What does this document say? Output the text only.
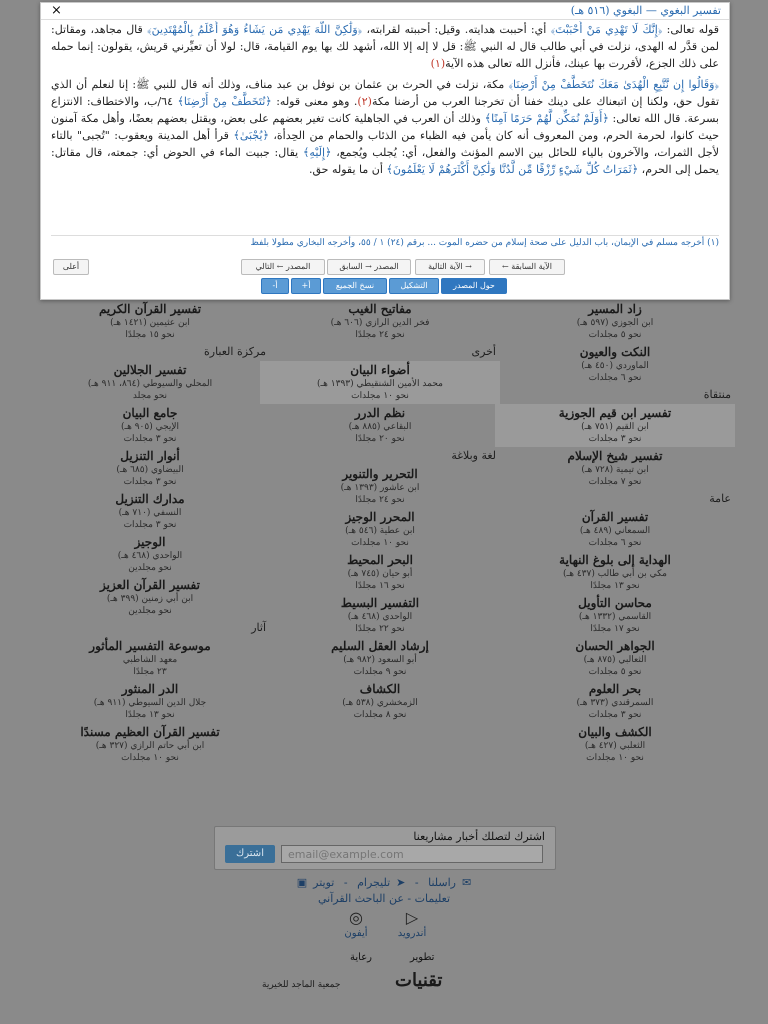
زاد المسير
ابن الجوزي (٥٩٧ هـ)
نحو ٥ مجلدات
النكت والعيون
الماوردي (٤٥٠ هـ)
نحو ٦ مجلدات
منتقاة
تفسير ابن قيم الجوزية
ابن القيم (٧٥١ هـ)
نحو ٣ مجلدات
تفسير شيخ الإسلام
ابن تيمية (٧٢٨ هـ)
نحو ٧ مجلدات
عامة
تفسير القرآن
السمعاني (٤٨٩ هـ)
نحو ٦ مجلدات
الهداية إلى بلوغ النهاية
مكي بن أبي طالب (٤٣٧ هـ)
نحو ١٣ مجلدًا
محاسن التأويل
القاسمي (١٣٣٢ هـ)
نحو ١٧ مجلدًا
الجواهر الحسان
الثعالبي (٨٧٥ هـ)
نحو ٥ مجلدات
بحر العلوم
السمرقندي (٣٧٣ هـ)
نحو ٣ مجلدات
الكشف والبيان
الثعلبي (٤٢٧ هـ)
نحو ١٠ مجلدات
مفاتيح الغيب
فخر الدين الرازي (٦٠٦ هـ)
نحو ٢٤ مجلدًا
أخرى
أضواء البيان
محمد الأمين الشنقيطي (١٣٩٣ هـ)
نحو ١٠ مجلدات
نظم الدرر
البقاعي (٨٨٥ هـ)
نحو ٢٠ مجلدًا
لغة وبلاغة
التحرير والتنوير
ابن عاشور (١٣٩٣ هـ)
نحو ٢٤ مجلدًا
المحرر الوجيز
ابن عطية (٥٤٦ هـ)
نحو ١٠ مجلدات
البحر المحيط
أبو حيان (٧٤٥ هـ)
نحو ١٦ مجلدًا
التفسير البسيط
الواحدي (٤٦٨ هـ)
نحو ٢٢ مجلدًا
إرشاد العقل السليم
أبو السعود (٩٨٢ هـ)
نحو ٩ مجلدات
الكشاف
الزمخشري (٥٣٨ هـ)
نحو ٨ مجلدات
تفسير القرآن الكريم
ابن عثيمين (١٤٢١ هـ)
نحو ١٥ مجلدًا
مركزة العبارة
تفسير الجلالين
المحلي والسيوطي (٨٦٤، ٩١١ هـ)
نحو مجلد
جامع البيان
الإيجي (٩٠٥ هـ)
نحو ٣ مجلدات
أنوار التنزيل
البيضاوي (٦٨٥ هـ)
نحو ٣ مجلدات
مدارك التنزيل
النسفي (٧١٠ هـ)
نحو ٣ مجلدات
الوجيز
الواحدي (٤٦٨ هـ)
نحو مجلدين
تفسير القرآن العزيز
ابن أبي زمنين (٣٩٩ هـ)
نحو مجلدين
آثار
موسوعة التفسير المأثور
معهد الشاطبي
٢٣ مجلدًا
الدر المنثور
جلال الدين السيوطي (٩١١ هـ)
نحو ١٣ مجلدًا
تفسير القرآن العظيم مسندًا
ابن أبي حاتم الرازي (٣٢٧ هـ)
نحو ١٠ مجلدات
اشترك لتصلك أخبار مشاريعنا
email@example.com
اشترك
✉راسلنا - ➤تليجرام - تويتر▣
تعليمات - عن الباحث القرآني
▷
أندرويد
◎
أيفون
تطوير
رعاية
تقنيات
جمعية الماجد للخيرية
تفسير البغوي — البغوي (٥١٦ هـ)
×

قوله تعالى: ﴿إِنَّكَ لَا تَهْدِي مَنْ أَحْبَبْتَ﴾ أي: أحببت هدايته. وقيل: أحببته لقرابته، ﴿وَلَٰكِنَّ اللَّهَ يَهْدِي مَن يَشَاءُ وَهُوَ أَعْلَمُ بِالْمُهْتَدِينَ﴾ قال مجاهد، ومقاتل: لمن قدَّر له الهدى، نزلت في أبي طالب قال له النبي ﷺ: قل لا إله إلا الله، أشهد لك بها يوم القيامة، قال: لولا أن تعيِّرني قريش، يقولون: إنما حمله على ذلك الجزع، لأقررت بها عينك، فأنزل الله تعالى هذه الآية(١)

﴿وَقَالُوا إِن نَّتَّبِعِ الْهُدَىٰ مَعَكَ نُتَخَطَّفْ مِنْ أَرْضِنَا﴾ مكة، نزلت في الحرث بن عثمان بن نوفل بن عبد مناف، وذلك أنه قال للنبي ﷺ: إنا لنعلم أن الذي تقول حق، ولكنا إن اتبعناك على دينك خفنا أن تخرجنا العرب من أرضنا مكة(٢). وهو معنى قوله: ﴿نُتَخَطَّفْ مِنْ أَرْضِنَا﴾ ٦٤/ب، والاختطاف: الانتزاع بسرعة. قال الله تعالى: ﴿أَوَلَمْ نُمَكِّن لَّهُمْ حَرَمًا آمِنًا﴾ وذلك أن العرب في الجاهلية كانت تغير بعضهم على بعض، ويقتل بعضهم بعضًا، وأهل مكة آمنون حيث كانوا، لحرمة الحرم، ومن المعروف أنه كان يأمن فيه الظباء من الذئاب والحمام من الحِدأة، ﴿يُجْبَىٰ﴾ قرأ أهل المدينة ويعقوب: "تُجبى" بالتاء لأجل الثمرات، والآخرون بالياء للحائل بين الاسم المؤنث والفعل، أي: يُجلب ويُجمع، ﴿إِلَيْهِ﴾ يقال: جبيت الماء في الحوض أي: جمعته، قال مقاتل: يحمل إلى الحرم، ﴿ثَمَرَاتُ كُلِّ شَيْءٍ رِّزْقًا مِّن لَّدُنَّا وَلَٰكِنَّ أَكْثَرَهُمْ لَا يَعْلَمُونَ﴾ أن ما يقوله حق.

(١) أخرجه مسلم في الإيمان، باب الدليل على صحة إسلام من حضره الموت ... برقم (٢٤) ١ / ٥٥، وأخرجه البخاري مطولا بلفظ
أعلى	المصدر ← التالي	المصدر → السابق	الآية التالية →	← الآية السابقة
حول المصدر
التشكيل
نسخ الجميع
+أ
-أ
